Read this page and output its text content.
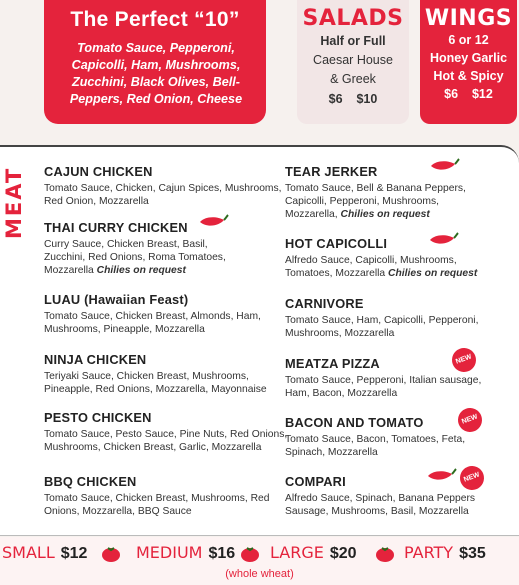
The Perfect “10”
Tomato Sauce, Pepperoni, Capicolli, Ham, Mushrooms, Zucchini, Black Olives, Bell-Peppers, Red Onion, Cheese
SALADS
Half or Full
Caesar House
& Greek
$6    $10
WINGS
6 or 12
Honey Garlic
Hot & Spicy
$6    $12
MEAT	CAJUN CHICKEN
Tomato Sauce, Chicken, Cajun Spices, Mushrooms, Red Onion, Mozzarella
THAI CURRY CHICKEN
Curry Sauce, Chicken Breast, Basil, Zucchini, Red Onions, Roma Tomatoes, Mozzarella Chilies on request
LUAU (Hawaiian Feast)
Tomato Sauce, Chicken Breast, Almonds, Ham, Mushrooms, Pineapple, Mozzarella
NINJA CHICKEN
Teriyaki Sauce, Chicken Breast, Mushrooms, Pineapple, Red Onions, Mozzarella, Mayonnaise
PESTO CHICKEN
Tomato Sauce, Pesto Sauce, Pine Nuts, Red Onions, Mushrooms, Chicken Breast, Garlic, Mozzarella
BBQ CHICKEN
Tomato Sauce, Chicken Breast, Mushrooms, Red Onions, Mozzarella, BBQ Sauce
TEAR JERKER
Tomato Sauce, Bell & Banana Peppers, Capicolli, Pepperoni, Mushrooms, Mozzarella, Chilies on request
HOT CAPICOLLI
Alfredo Sauce, Capicolli, Mushrooms, Tomatoes, Mozzarella Chilies on request
CARNIVORE
Tomato Sauce, Ham, Capicolli, Pepperoni, Mushrooms, Mozzarella
MEATZA PIZZA
Tomato Sauce, Pepperoni, Italian sausage, Ham, Bacon, Mozzarella
BACON AND TOMATO
Tomato Sauce, Bacon, Tomatoes, Feta, Spinach, Mozzarella
COMPARI
Alfredo Sauce, Spinach, Banana Peppers Sausage, Mushrooms, Basil, Mozzarella
NEW
NEW
NEW
SMALL $12	MEDIUM $16 LARGE $20	PARTY $35
(whole wheat)
